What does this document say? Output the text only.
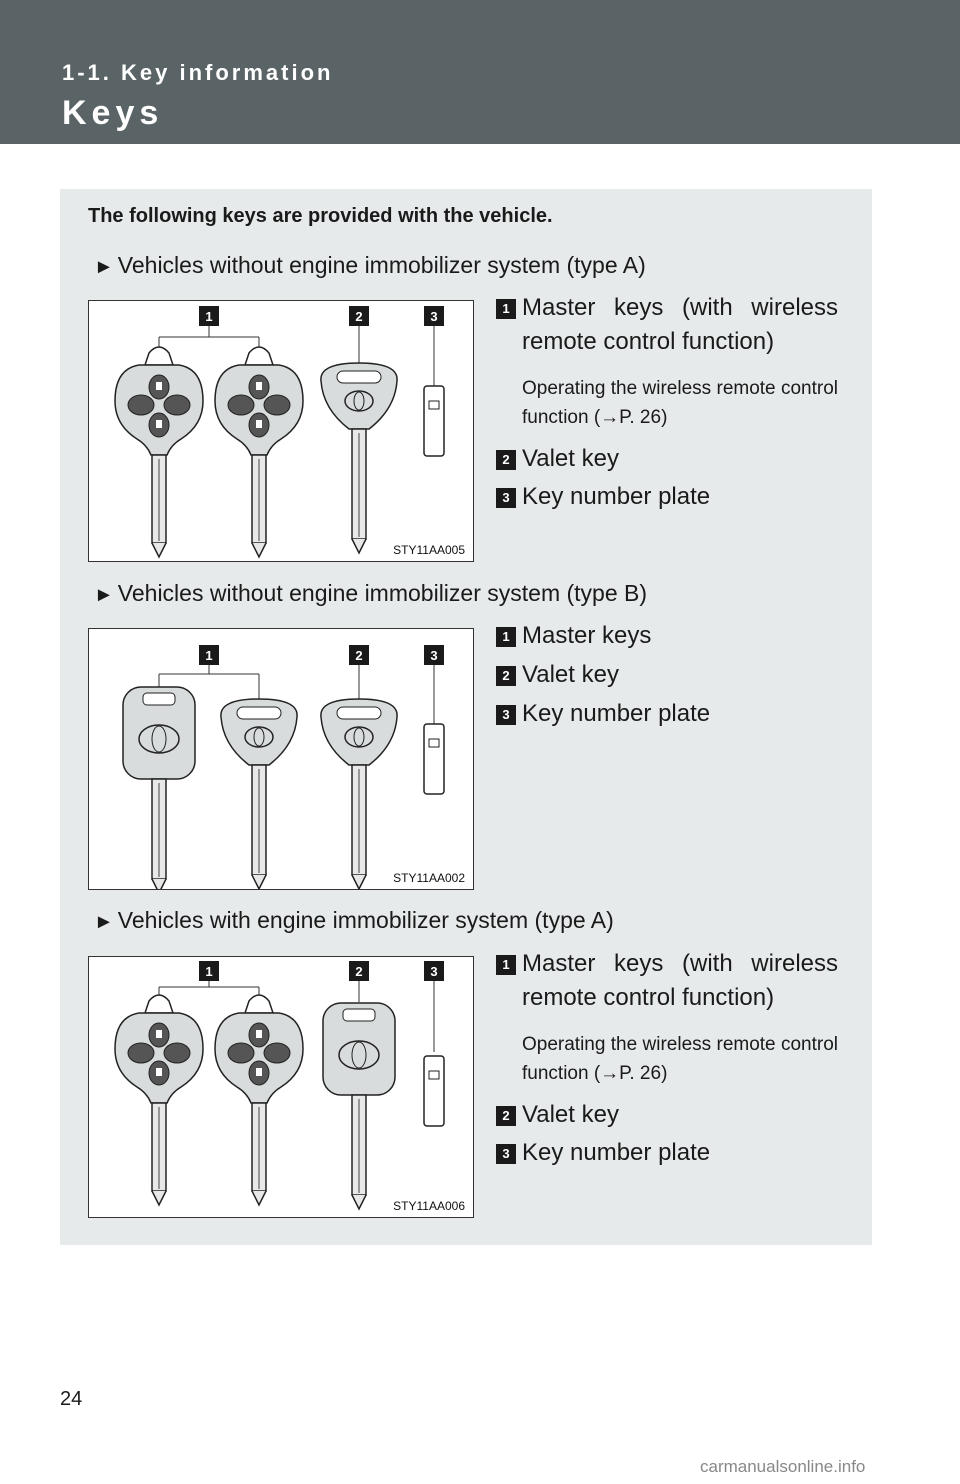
1-1. Key information
Keys
The following keys are provided with the vehicle.
► Vehicles without engine immobilizer system (type A)
1	2	3
STY11AA005
1 Master keys (with wireless remote control function)
Operating the wireless remote control function (→P. 26)
2 Valet key
3 Key number plate
► Vehicles without engine immobilizer system (type B)
1	2	3
STY11AA002
1 Master keys
2 Valet key
3 Key number plate
► Vehicles with engine immobilizer system (type A)
1	2	3
STY11AA006
1 Master keys (with wireless remote control function)
Operating the wireless remote control function (→P. 26)
2 Valet key
3 Key number plate
24
carmanualsonline.info
